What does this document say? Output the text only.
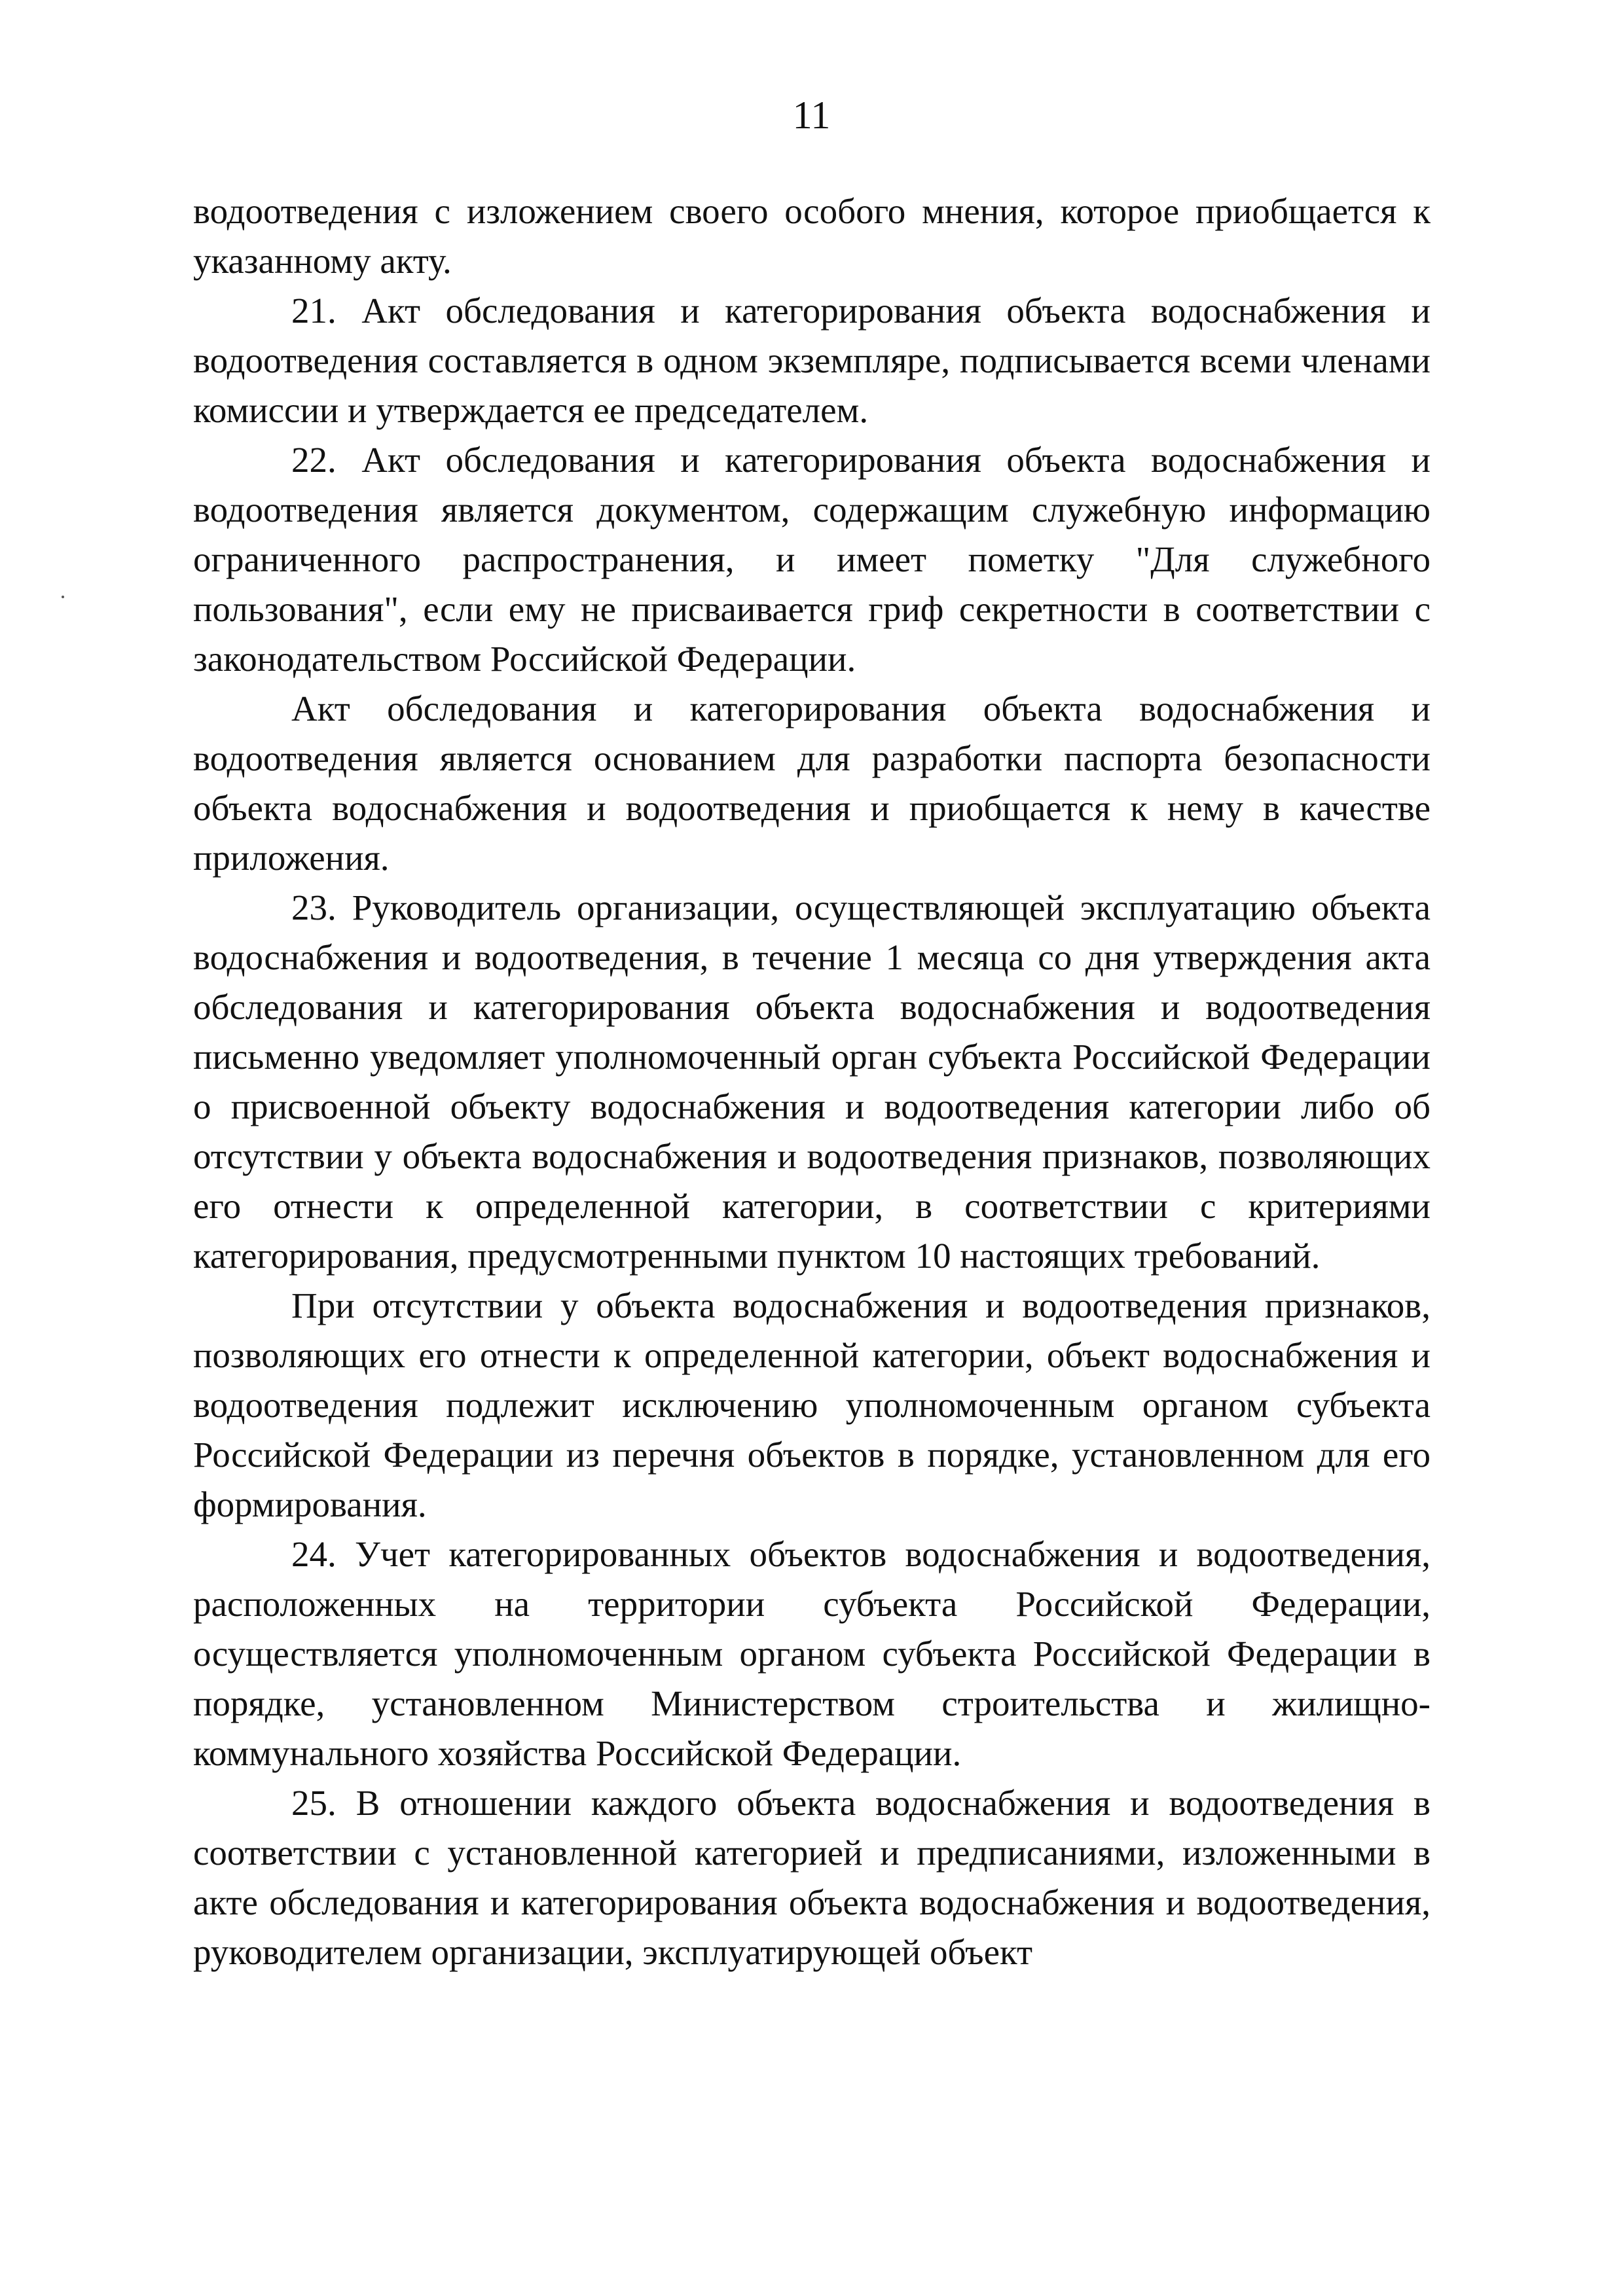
11

водоотведения с изложением своего особого мнения, которое приобщается к указанному акту.

21. Акт обследования и категорирования объекта водоснабжения и водоотведения составляется в одном экземпляре, подписывается всеми членами комиссии и утверждается ее председателем.

22. Акт обследования и категорирования объекта водоснабжения и водоотведения является документом, содержащим служебную информацию ограниченного распространения, и имеет пометку "Для служебного пользования", если ему не присваивается гриф секретности в соответствии с законодательством Российской Федерации.

Акт обследования и категорирования объекта водоснабжения и водоотведения является основанием для разработки паспорта безопасности объекта водоснабжения и водоотведения и приобщается к нему в качестве приложения.

23. Руководитель организации, осуществляющей эксплуатацию объекта водоснабжения и водоотведения, в течение 1 месяца со дня утверждения акта обследования и категорирования объекта водоснабжения и водоотведения письменно уведомляет уполномоченный орган субъекта Российской Федерации о присвоенной объекту водоснабжения и водоотведения категории либо об отсутствии у объекта водоснабжения и водоотведения признаков, позволяющих его отнести к определенной категории, в соответствии с критериями категорирования, предусмотренными пунктом 10 настоящих требований.

При отсутствии у объекта водоснабжения и водоотведения признаков, позволяющих его отнести к определенной категории, объект водоснабжения и водоотведения подлежит исключению уполномоченным органом субъекта Российской Федерации из перечня объектов в порядке, установленном для его формирования.

24. Учет категорированных объектов водоснабжения и водоотведения, расположенных на территории субъекта Российской Федерации, осуществляется уполномоченным органом субъекта Российской Федерации в порядке, установленном Министерством строительства и жилищно-коммунального хозяйства Российской Федерации.

25. В отношении каждого объекта водоснабжения и водоотведения в соответствии с установленной категорией и предписаниями, изложенными в акте обследования и категорирования объекта водоснабжения и водоотведения, руководителем организации, эксплуатирующей объект
